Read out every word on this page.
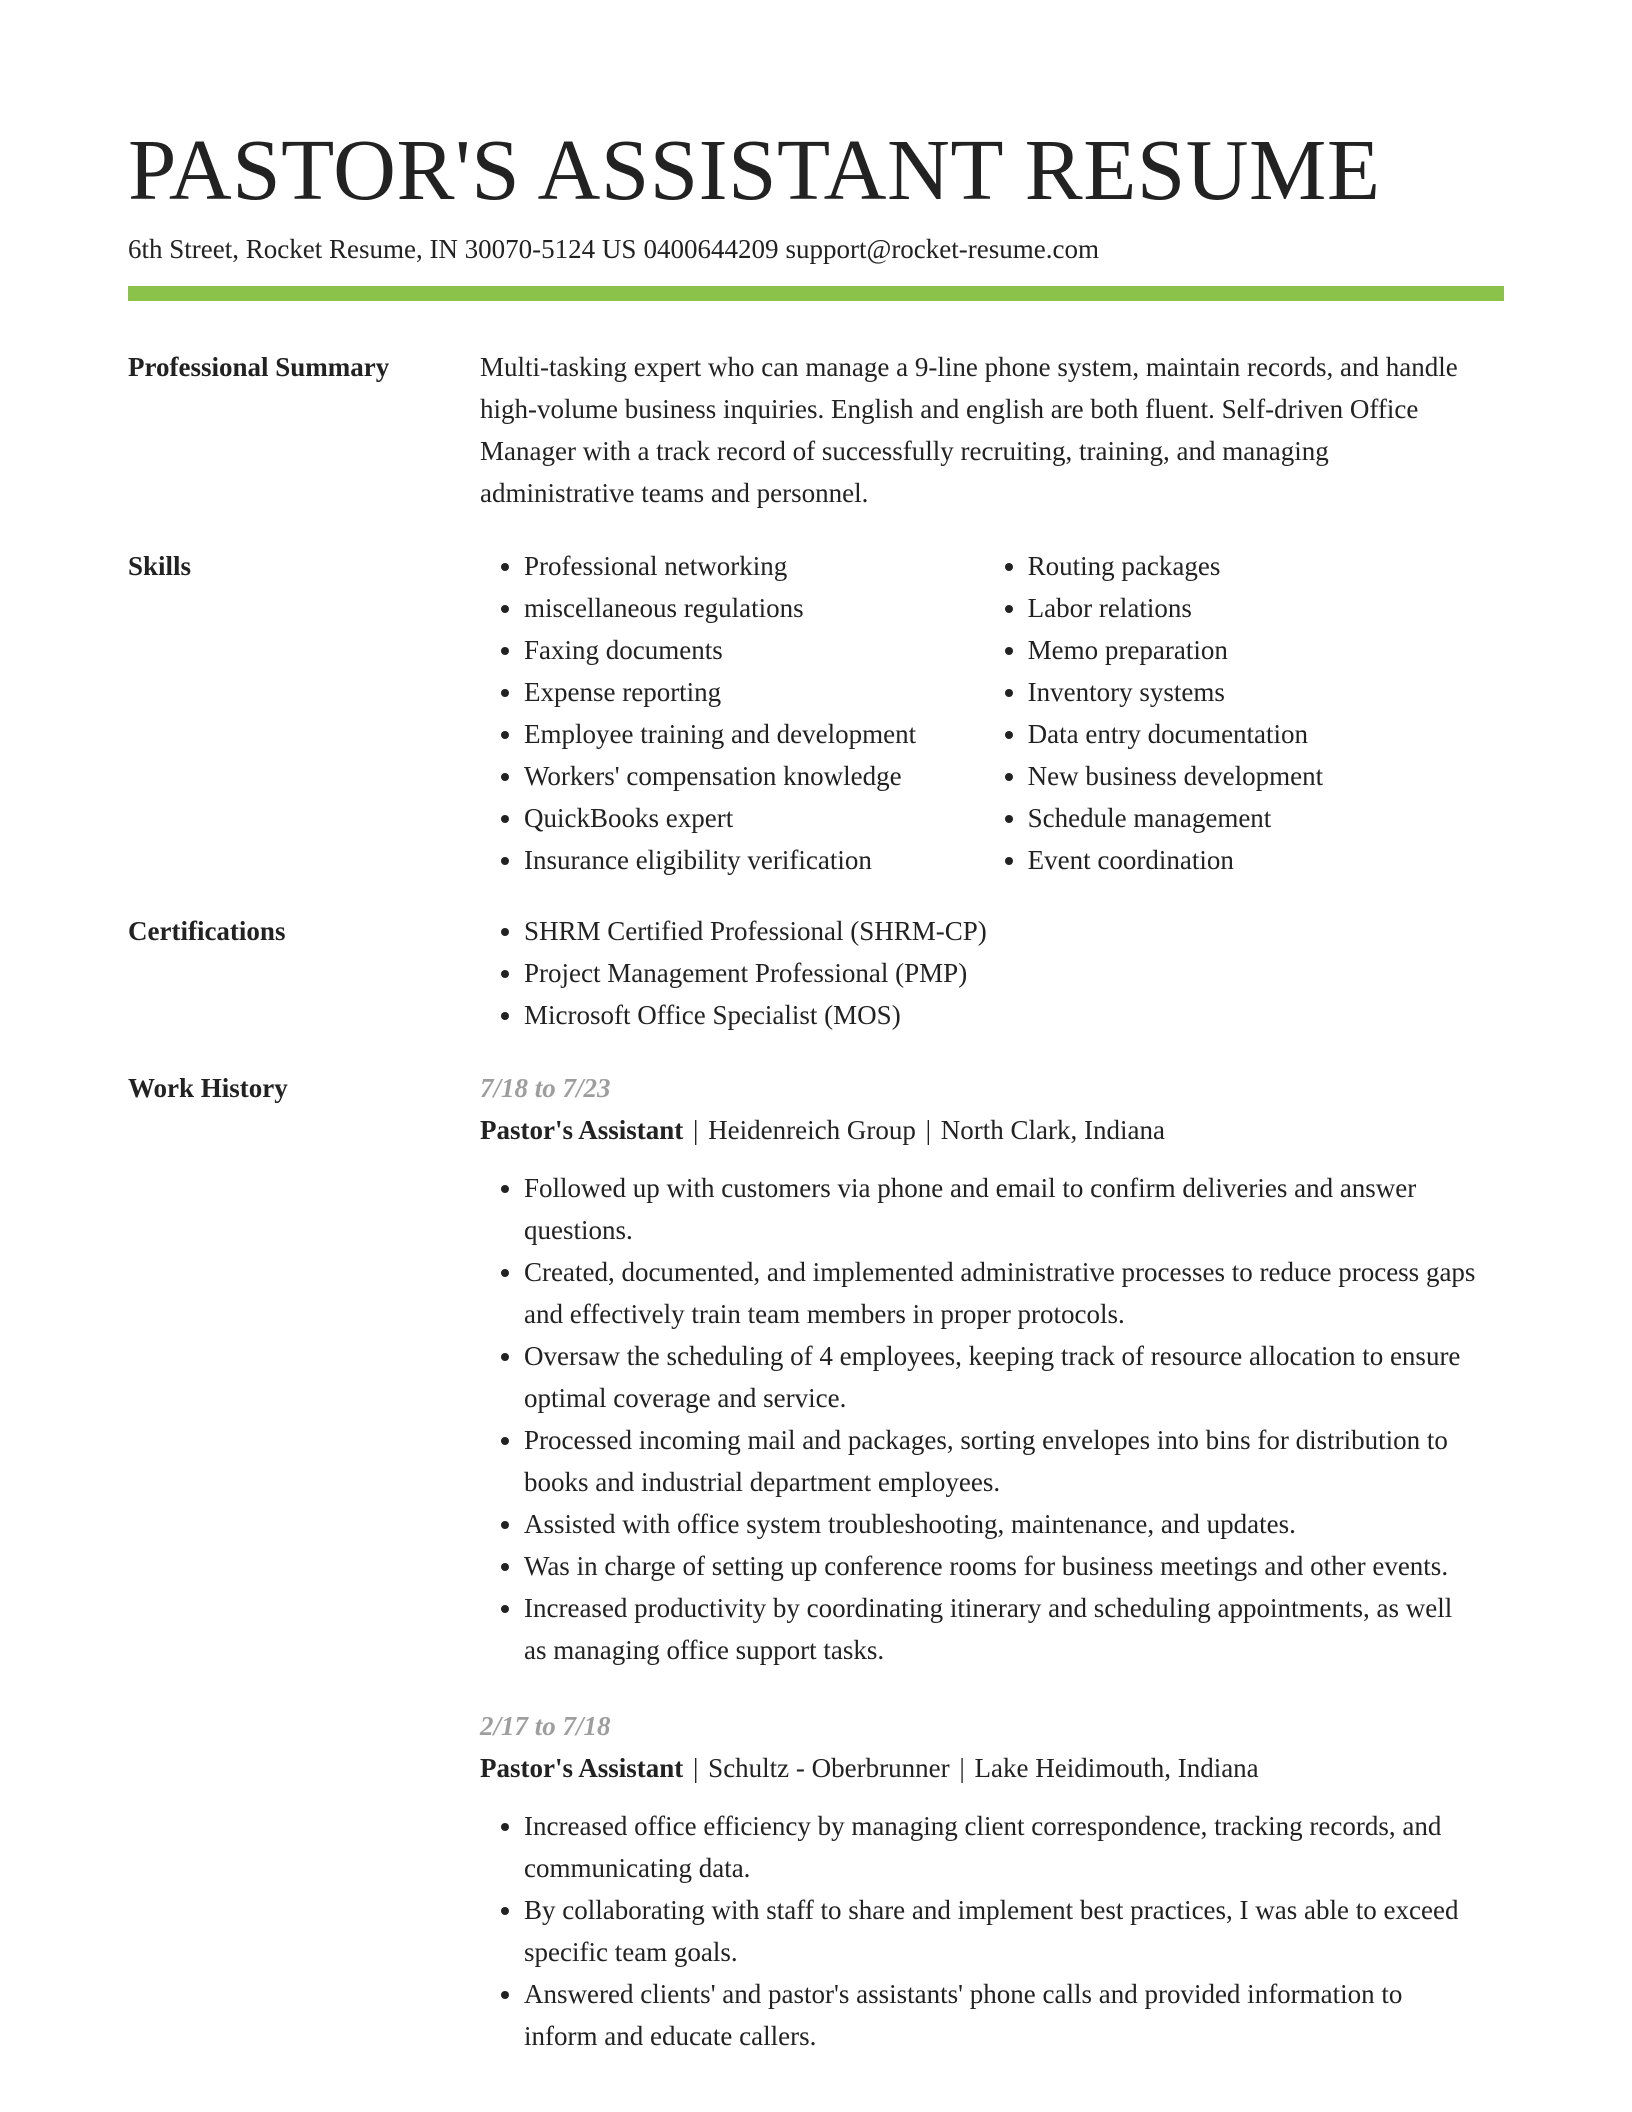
PASTOR'S ASSISTANT RESUME
6th Street, Rocket Resume, IN 30070-5124 US 0400644209 support@rocket-resume.com
Professional Summary	Multi-tasking expert who can manage a 9-line phone system, maintain records, and handle high-volume business inquiries. English and english are both fluent. Self-driven Office Manager with a track record of successfully recruiting, training, and managing administrative teams and personnel.

Skills	• Professional networking
• miscellaneous regulations
• Faxing documents
• Expense reporting
• Employee training and development
• Workers' compensation knowledge
• QuickBooks expert
• Insurance eligibility verification
• Routing packages
• Labor relations
• Memo preparation
• Inventory systems
• Data entry documentation
• New business development
• Schedule management
• Event coordination
Certifications	• SHRM Certified Professional (SHRM-CP)
• Project Management Professional (PMP)
• Microsoft Office Specialist (MOS)
Work History	7/18 to 7/23
Pastor's Assistant | Heidenreich Group | North Clark, Indiana
• Followed up with customers via phone and email to confirm deliveries and answer questions.
• Created, documented, and implemented administrative processes to reduce process gaps and effectively train team members in proper protocols.
• Oversaw the scheduling of 4 employees, keeping track of resource allocation to ensure optimal coverage and service.
• Processed incoming mail and packages, sorting envelopes into bins for distribution to books and industrial department employees.
• Assisted with office system troubleshooting, maintenance, and updates.
• Was in charge of setting up conference rooms for business meetings and other events.
• Increased productivity by coordinating itinerary and scheduling appointments, as well as managing office support tasks.
2/17 to 7/18
Pastor's Assistant | Schultz - Oberbrunner | Lake Heidimouth, Indiana
• Increased office efficiency by managing client correspondence, tracking records, and communicating data.
• By collaborating with staff to share and implement best practices, I was able to exceed specific team goals.
• Answered clients' and pastor's assistants' phone calls and provided information to inform and educate callers.
